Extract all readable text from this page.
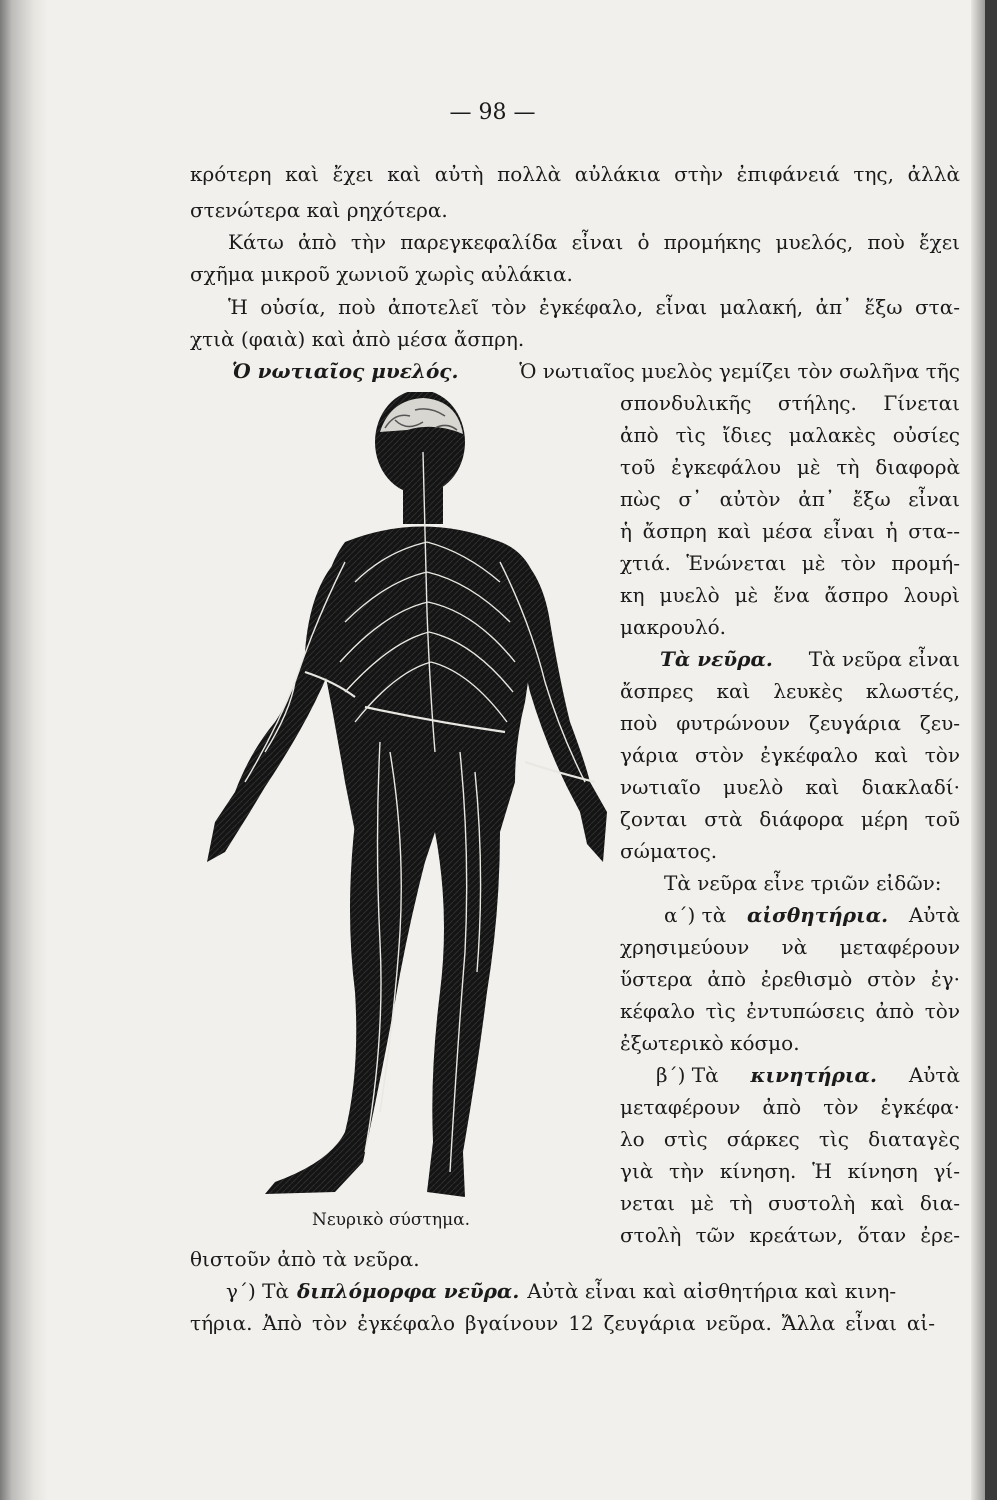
— 98 —

κρότερη καὶ ἔχει καὶ αὐτὴ πολλὰ αὐλάκια στὴν ἐπιφάνειά της, ἀλλὰ

στενώτερα καὶ ρηχότερα.

Κάτω ἀπὸ τὴν παρεγκεφαλίδα εἶναι ὁ προμήκης μυελός, ποὺ ἔχει

σχῆμα μικροῦ χωνιοῦ χωρὶς αὐλάκια.

Ἡ οὐσία, ποὺ ἀποτελεῖ τὸν ἐγκέφαλο, εἶναι μαλακή, ἀπ᾽ ἔξω στα-

χτιὰ (φαιὰ) καὶ ἀπὸ μέσα ἄσπρη.

Ὁ νωτιαῖος μυελός.	Ὁ νωτιαῖος μυελὸς γεμίζει τὸν σωλῆνα τῆς

σπονδυλικῆς στήλης. Γίνεται

ἀπὸ τὶς ἴδιες μαλακὲς οὐσίες

τοῦ ἐγκεφάλου μὲ τὴ διαφορὰ

πὼς σ᾽ αὐτὸν ἀπ᾽ ἔξω εἶναι

ἡ ἄσπρη καὶ μέσα εἶναι ἡ στα--

χτιά. Ἑνώνεται μὲ τὸν προμή-

κη μυελὸ μὲ ἕνα ἄσπρο λουρὶ

μακρουλό.

Τὰ νεῦρα. Τὰ νεῦρα εἶναι

ἄσπρες καὶ λευκὲς κλωστές,

ποὺ φυτρώνουν ζευγάρια ζευ-

γάρια στὸν ἐγκέφαλο καὶ τὸν

νωτιαῖο μυελὸ καὶ διακλαδί·

ζονται στὰ διάφορα μέρη τοῦ

σώματος.

Τὰ νεῦρα εἶνε τριῶν εἰδῶν:

α΄) τὰ αἰσθητήρια. Αὐτὰ

χρησιμεύουν νὰ μεταφέρουν

ὕστερα ἀπὸ ἐρεθισμὸ στὸν ἐγ·

κέφαλο τὶς ἐντυπώσεις ἀπὸ τὸν

ἐξωτερικὸ κόσμο.

β΄) Τὰ κινητήρια. Αὐτὰ

μεταφέρουν ἀπὸ τὸν ἐγκέφα·

λο στὶς σάρκες τὶς διαταγὲς

γιὰ τὴν κίνηση. Ἡ κίνηση γί-

νεται μὲ τὴ συστολὴ καὶ δια-

στολὴ τῶν κρεάτων, ὅταν ἐρε-

Νευρικὸ σύστημα.

θιστοῦν ἀπὸ τὰ νεῦρα.

γ΄) Τὰ διπλόμορφα νεῦρα. Αὐτὰ εἶναι καὶ αἰσθητήρια καὶ κινη-

τήρια. Ἀπὸ τὸν ἐγκέφαλο βγαίνουν 12 ζευγάρια νεῦρα. Ἄλλα εἶναι αἰ-
